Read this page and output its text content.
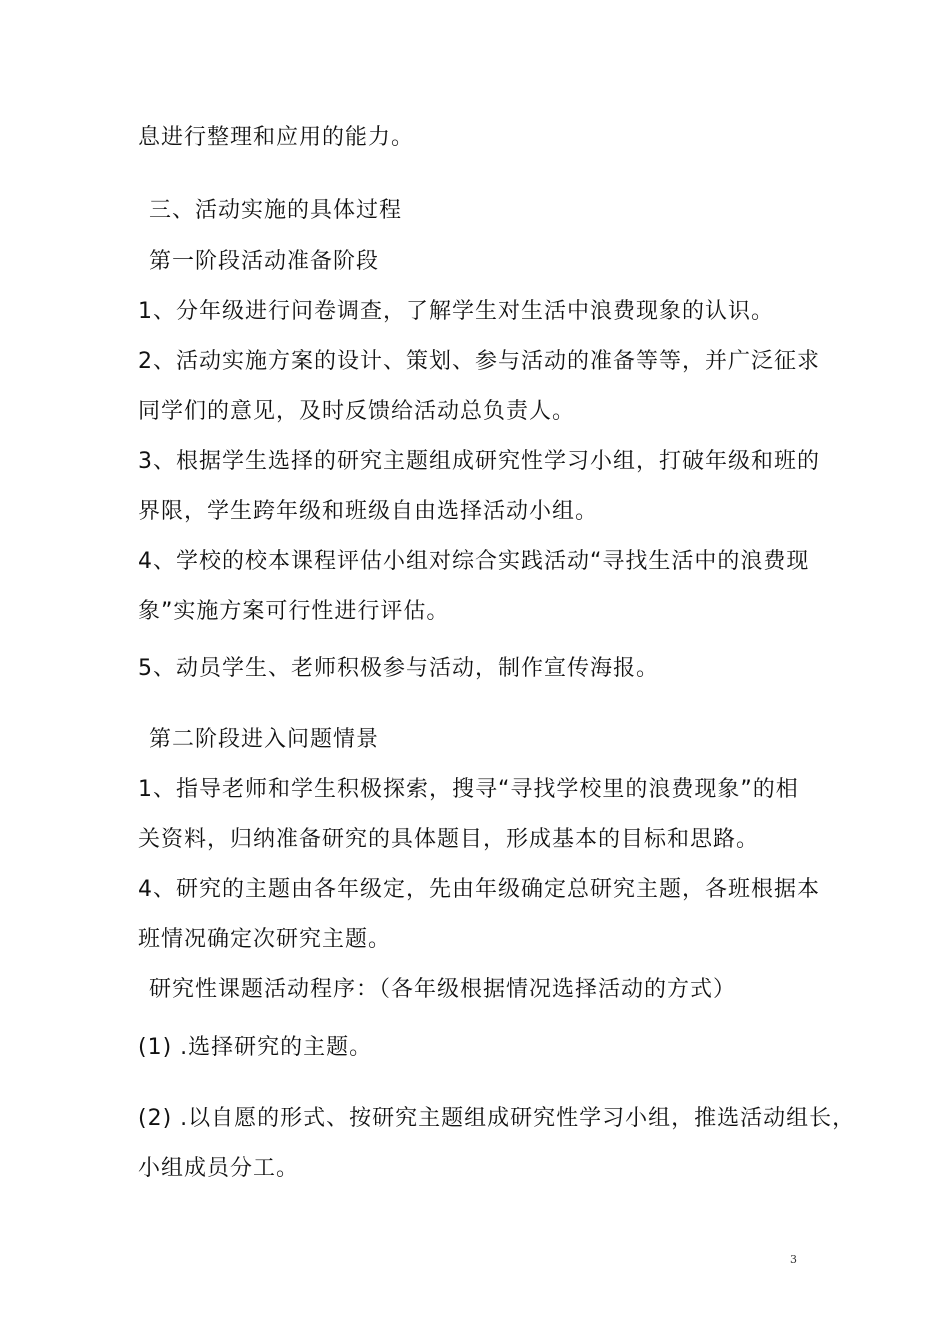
息进行整理和应用的能力。
三、活动实施的具体过程
第一阶段活动准备阶段
1、分年级进行问卷调查，了解学生对生活中浪费现象的认识。
2、活动实施方案的设计、策划、参与活动的准备等等，并广泛征求
同学们的意见，及时反馈给活动总负责人。
3、根据学生选择的研究主题组成研究性学习小组，打破年级和班的
界限，学生跨年级和班级自由选择活动小组。
4、学校的校本课程评估小组对综合实践活动“寻找生活中的浪费现
象”实施方案可行性进行评估。
5、动员学生、老师积极参与活动，制作宣传海报。
第二阶段进入问题情景
1、指导老师和学生积极探索，搜寻“寻找学校里的浪费现象”的相
关资料，归纳准备研究的具体题目，形成基本的目标和思路。
4、研究的主题由各年级定，先由年级确定总研究主题，各班根据本
班情况确定次研究主题。
研究性课题活动程序：（各年级根据情况选择活动的方式）
(1) .选择研究的主题。
(2) .以自愿的形式、按研究主题组成研究性学习小组，推选活动组长，
小组成员分工。
3
